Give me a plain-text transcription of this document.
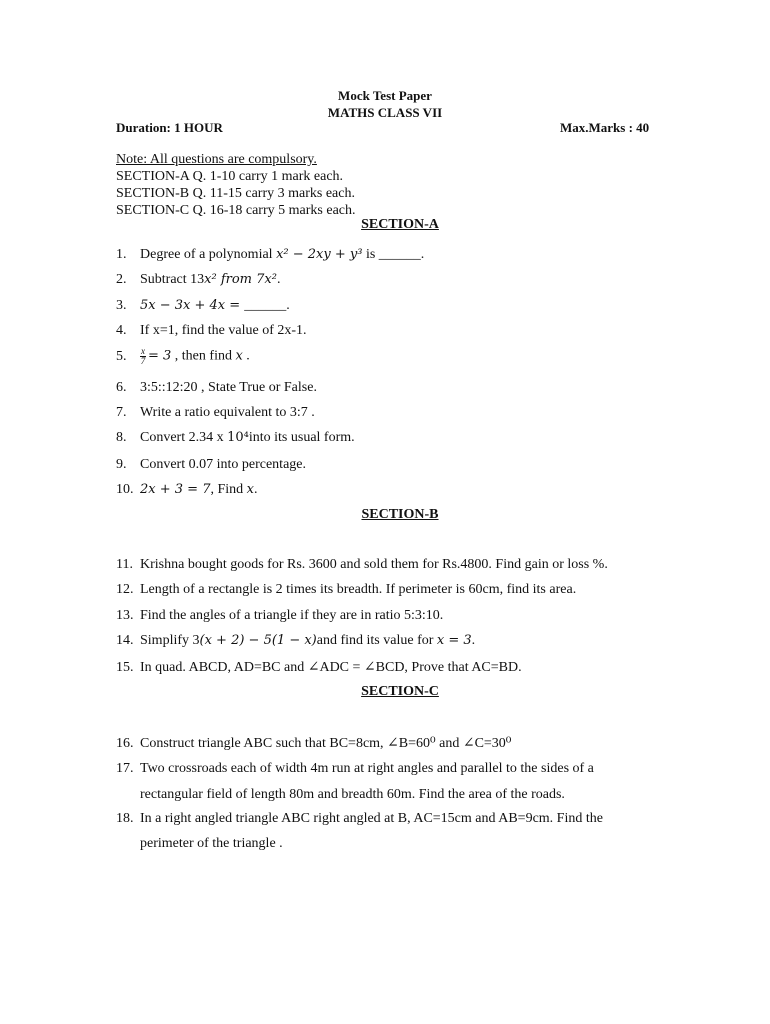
Mock Test Paper
MATHS CLASS VII
Duration: 1 HOUR	Max.Marks : 40
Note: All questions are compulsory.
SECTION-A Q. 1-10 carry 1 mark each.
SECTION-B Q. 11-15 carry 3 marks each.
SECTION-C Q. 16-18 carry 5 marks each.
SECTION-A
1. Degree of a polynomial x² − 2xy + y³ is ______.
2. Subtract 13x² from 7x².
3. 5x − 3x + 4x = ______.
4. If x=1, find the value of 2x-1.
5. $\frac{x}{7} = 3$ , then find x .
6. 3:5::12:20 , State True or False.
7. Write a ratio equivalent to 3:7 .
8. Convert 2.34 x 10⁴into its usual form.
9. Convert 0.07 into percentage.
10. 2x + 3 = 7, Find x.
SECTION-B
11. Krishna bought goods for Rs. 3600 and sold them for Rs.4800. Find gain or loss %.
12. Length of a rectangle is 2 times its breadth. If perimeter is 60cm, find its area.
13. Find the angles of a triangle if they are in ratio 5:3:10.
14. Simplify 3(x + 2) − 5(1 − x)and find its value for x = 3.
15. In quad. ABCD, AD=BC and ∠ADC = ∠BCD, Prove that AC=BD.
SECTION-C
16. Construct triangle ABC such that BC=8cm, ∠B=60⁰ and ∠C=30⁰
17. Two crossroads each of width 4m run at right angles and parallel to the sides of a
rectangular field of length 80m and breadth 60m. Find the area of the roads.
18. In a right angled triangle ABC right angled at B, AC=15cm and AB=9cm. Find the
perimeter of the triangle .
